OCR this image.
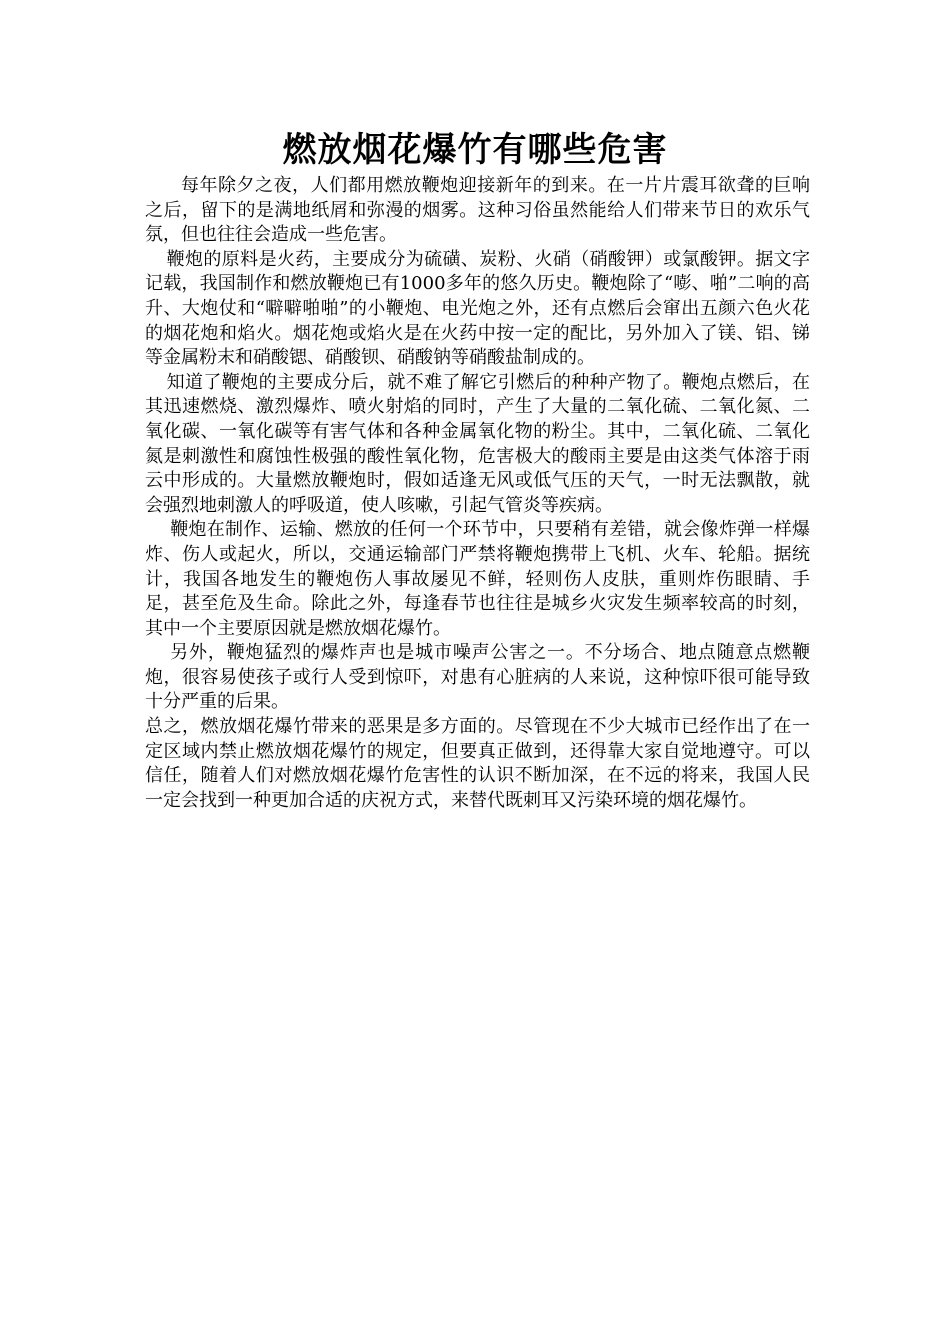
燃放烟花爆竹有哪些危害

每年除夕之夜，人们都用燃放鞭炮迎接新年的到来。在一片片震耳欲聋的巨响之后，留下的是满地纸屑和弥漫的烟雾。这种习俗虽然能给人们带来节日的欢乐气氛，但也往往会造成一些危害。

鞭炮的原料是火药，主要成分为硫磺、炭粉、火硝（硝酸钾）或氯酸钾。据文字记载，我国制作和燃放鞭炮已有1000多年的悠久历史。鞭炮除了“嘭、啪”二响的高升、大炮仗和“噼噼啪啪”的小鞭炮、电光炮之外，还有点燃后会窜出五颜六色火花的烟花炮和焰火。烟花炮或焰火是在火药中按一定的配比，另外加入了镁、铝、锑等金属粉末和硝酸锶、硝酸钡、硝酸钠等硝酸盐制成的。

知道了鞭炮的主要成分后，就不难了解它引燃后的种种产物了。鞭炮点燃后，在其迅速燃烧、激烈爆炸、喷火射焰的同时，产生了大量的二氧化硫、二氧化氮、二氧化碳、一氧化碳等有害气体和各种金属氧化物的粉尘。其中，二氧化硫、二氧化氮是刺激性和腐蚀性极强的酸性氧化物，危害极大的酸雨主要是由这类气体溶于雨云中形成的。大量燃放鞭炮时，假如适逢无风或低气压的天气，一时无法飘散，就会强烈地刺激人的呼吸道，使人咳嗽，引起气管炎等疾病。

鞭炮在制作、运输、燃放的任何一个环节中，只要稍有差错，就会像炸弹一样爆炸、伤人或起火，所以，交通运输部门严禁将鞭炮携带上飞机、火车、轮船。据统计，我国各地发生的鞭炮伤人事故屡见不鲜，轻则伤人皮肤，重则炸伤眼睛、手足，甚至危及生命。除此之外，每逢春节也往往是城乡火灾发生频率较高的时刻，其中一个主要原因就是燃放烟花爆竹。

另外，鞭炮猛烈的爆炸声也是城市噪声公害之一。不分场合、地点随意点燃鞭炮，很容易使孩子或行人受到惊吓，对患有心脏病的人来说，这种惊吓很可能导致十分严重的后果。

总之，燃放烟花爆竹带来的恶果是多方面的。尽管现在不少大城市已经作出了在一定区域内禁止燃放烟花爆竹的规定，但要真正做到，还得靠大家自觉地遵守。可以信任，随着人们对燃放烟花爆竹危害性的认识不断加深，在不远的将来，我国人民一定会找到一种更加合适的庆祝方式，来替代既刺耳又污染环境的烟花爆竹。
